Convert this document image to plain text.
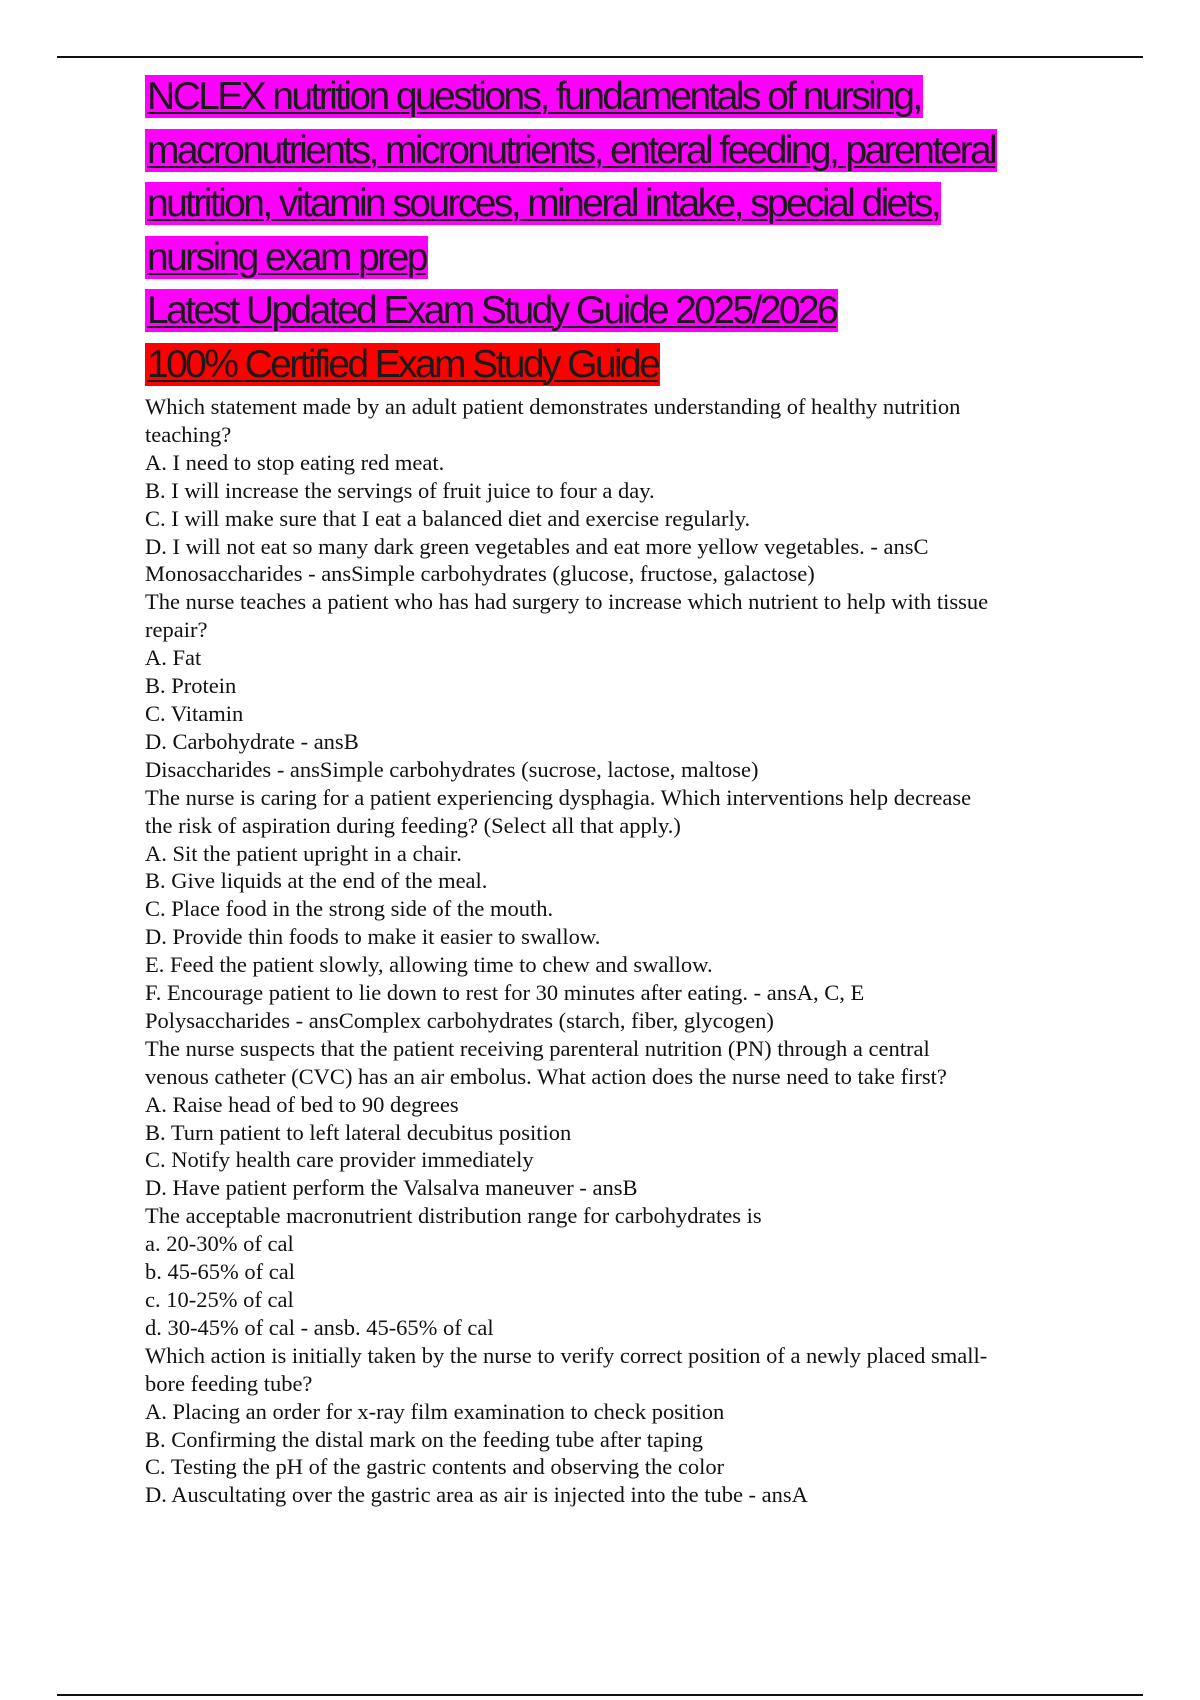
NCLEX nutrition questions, fundamentals of nursing,
macronutrients, micronutrients, enteral feeding, parenteral
nutrition, vitamin sources, mineral intake, special diets,
nursing exam prep
Latest Updated Exam Study Guide 2025/2026
100% Certified Exam Study Guide
Which statement made by an adult patient demonstrates understanding of healthy nutrition
teaching?
A. I need to stop eating red meat.
B. I will increase the servings of fruit juice to four a day.
C. I will make sure that I eat a balanced diet and exercise regularly.
D. I will not eat so many dark green vegetables and eat more yellow vegetables. - ansC
Monosaccharides - ansSimple carbohydrates (glucose, fructose, galactose)
The nurse teaches a patient who has had surgery to increase which nutrient to help with tissue
repair?
A. Fat
B. Protein
C. Vitamin
D. Carbohydrate - ansB
Disaccharides - ansSimple carbohydrates (sucrose, lactose, maltose)
The nurse is caring for a patient experiencing dysphagia. Which interventions help decrease
the risk of aspiration during feeding? (Select all that apply.)
A. Sit the patient upright in a chair.
B. Give liquids at the end of the meal.
C. Place food in the strong side of the mouth.
D. Provide thin foods to make it easier to swallow.
E. Feed the patient slowly, allowing time to chew and swallow.
F. Encourage patient to lie down to rest for 30 minutes after eating. - ansA, C, E
Polysaccharides - ansComplex carbohydrates (starch, fiber, glycogen)
The nurse suspects that the patient receiving parenteral nutrition (PN) through a central
venous catheter (CVC) has an air embolus. What action does the nurse need to take first?
A. Raise head of bed to 90 degrees
B. Turn patient to left lateral decubitus position
C. Notify health care provider immediately
D. Have patient perform the Valsalva maneuver - ansB
The acceptable macronutrient distribution range for carbohydrates is
a. 20-30% of cal
b. 45-65% of cal
c. 10-25% of cal
d. 30-45% of cal - ansb. 45-65% of cal
Which action is initially taken by the nurse to verify correct position of a newly placed small-
bore feeding tube?
A. Placing an order for x-ray film examination to check position
B. Confirming the distal mark on the feeding tube after taping
C. Testing the pH of the gastric contents and observing the color
D. Auscultating over the gastric area as air is injected into the tube - ansA
